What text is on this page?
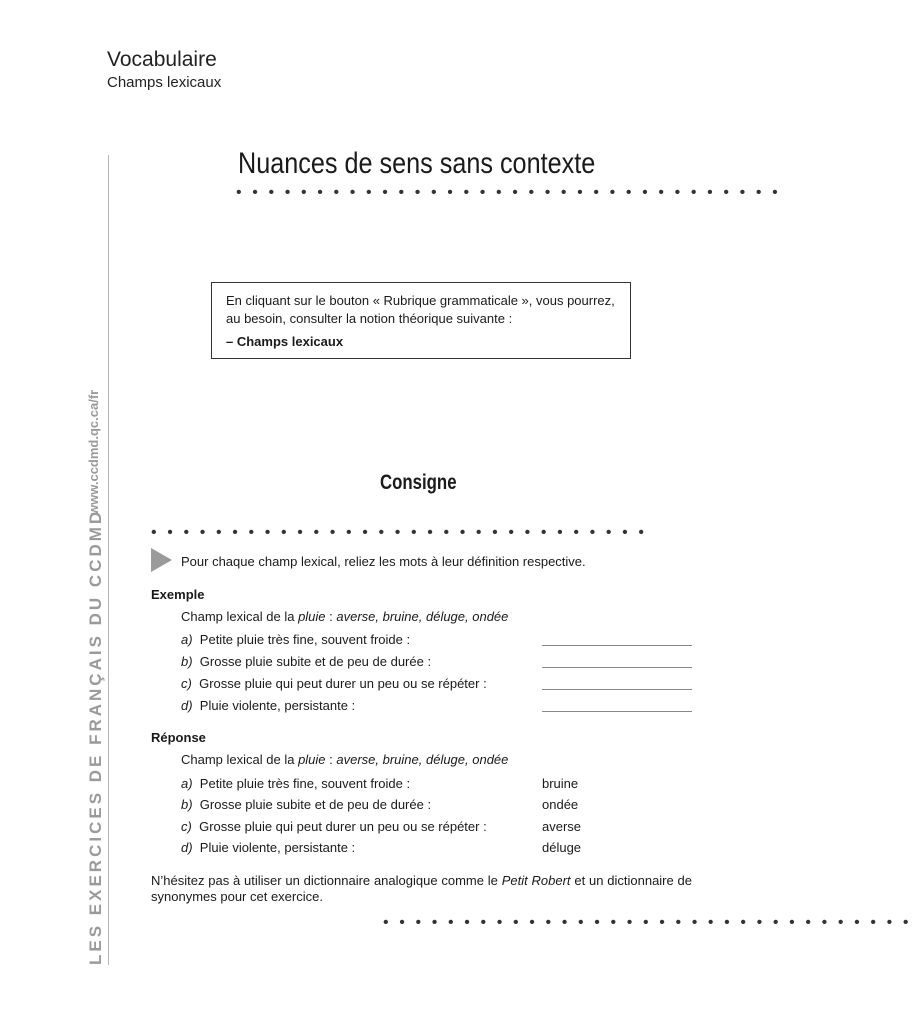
Vocabulaire
Champs lexicaux
LES EXERCICES DE FRANÇAIS DU CCDMD
www.ccdmd.qc.ca/fr
Nuances de sens sans contexte
• • • • • • • • • • • • • • • • • • • • • • • • • • • • • • • • • •

En cliquant sur le bouton « Rubrique grammaticale », vous pourrez, au besoin, consulter la notion théorique suivante :

– Champs lexicaux

Consigne
• • • • • • • • • • • • • • • • • • • • • • • • • • • • • • •
Pour chaque champ lexical, reliez les mots à leur définition respective.
Exemple
Champ lexical de la pluie : averse, bruine, déluge, ondée
a) Petite pluie très fine, souvent froide :
b) Grosse pluie subite et de peu de durée :
c) Grosse pluie qui peut durer un peu ou se répéter :
d) Pluie violente, persistante :
Réponse
Champ lexical de la pluie : averse, bruine, déluge, ondée
a) Petite pluie très fine, souvent froide :	bruine
b) Grosse pluie subite et de peu de durée :	ondée
c) Grosse pluie qui peut durer un peu ou se répéter :	averse
d) Pluie violente, persistante :	déluge
N’hésitez pas à utiliser un dictionnaire analogique comme le Petit Robert et un dictionnaire de synonymes pour cet exercice.
• • • • • • • • • • • • • • • • • • • • • • • • • • • • • • • • •
